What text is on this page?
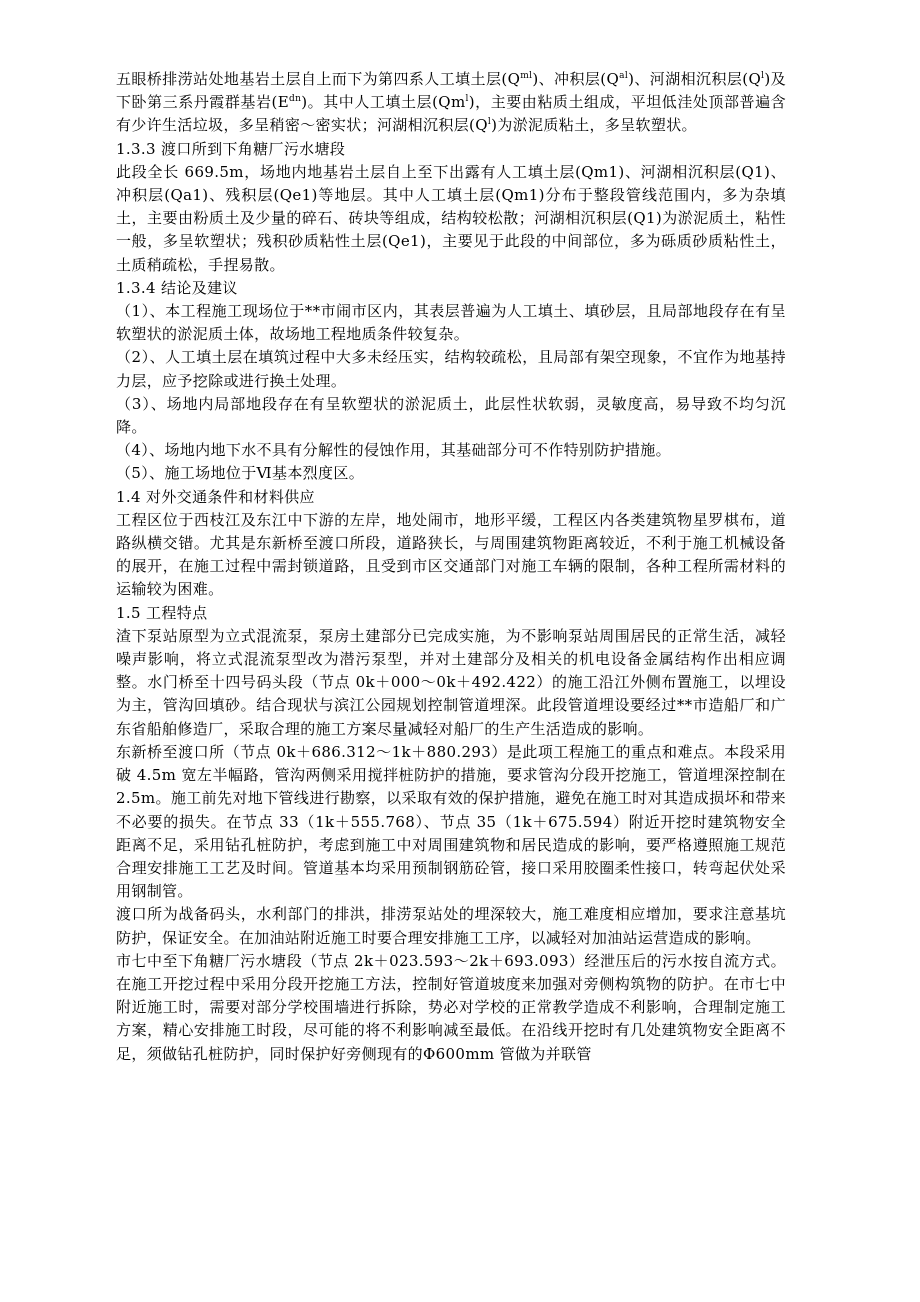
五眼桥排涝站处地基岩土层自上而下为第四系人工填土层$(Q^{ml})$、冲积层$(Q^{al})$、河湖相沉积层$(Q^l)$及下卧第三系丹霞群基岩$(E^{dn})$。其中人工填土层(Qm$^l$)，主要由粘质土组成，平坦低洼处顶部普遍含有少许生活垃圾，多呈稍密～密实状；河湖相沉积层$(Q^l)$为淤泥质粘土，多呈软塑状。

1.3.3 渡口所到下角糖厂污水塘段

此段全长 669.5m，场地内地基岩土层自上至下出露有人工填土层(Qm1)、河湖相沉积层(Q1)、冲积层(Qa1)、残积层(Qe1)等地层。其中人工填土层(Qm1)分布于整段管线范围内，多为杂填土，主要由粉质土及少量的碎石、砖块等组成，结构较松散；河湖相沉积层(Q1)为淤泥质土，粘性一般，多呈软塑状；残积砂质粘性土层(Qe1)，主要见于此段的中间部位，多为砾质砂质粘性土，土质稍疏松，手捏易散。

1.3.4 结论及建议

（1）、本工程施工现场位于**市闹市区内，其表层普遍为人工填土、填砂层，且局部地段存在有呈软塑状的淤泥质土体，故场地工程地质条件较复杂。

（2）、人工填土层在填筑过程中大多未经压实，结构较疏松，且局部有架空现象，不宜作为地基持力层，应予挖除或进行换土处理。

（3）、场地内局部地段存在有呈软塑状的淤泥质土，此层性状软弱，灵敏度高，易导致不均匀沉降。

（4）、场地内地下水不具有分解性的侵蚀作用，其基础部分可不作特别防护措施。

（5）、施工场地位于Ⅵ基本烈度区。

1.4 对外交通条件和材料供应

工程区位于西枝江及东江中下游的左岸，地处闹市，地形平缓，工程区内各类建筑物星罗棋布，道路纵横交错。尤其是东新桥至渡口所段，道路狭长，与周围建筑物距离较近，不利于施工机械设备的展开，在施工过程中需封锁道路，且受到市区交通部门对施工车辆的限制，各种工程所需材料的运输较为困难。

1.5 工程特点

渣下泵站原型为立式混流泵，泵房土建部分已完成实施，为不影响泵站周围居民的正常生活，减轻噪声影响，将立式混流泵型改为潜污泵型，并对土建部分及相关的机电设备金属结构作出相应调整。水门桥至十四号码头段（节点 0k＋000～0k＋492.422）的施工沿江外侧布置施工，以埋设为主，管沟回填砂。结合现状与滨江公园规划控制管道埋深。此段管道埋设要经过**市造船厂和广东省船舶修造厂，采取合理的施工方案尽量减轻对船厂的生产生活造成的影响。

东新桥至渡口所（节点 0k＋686.312～1k＋880.293）是此项工程施工的重点和难点。本段采用破 4.5m 宽左半幅路，管沟两侧采用搅拌桩防护的措施，要求管沟分段开挖施工，管道埋深控制在 2.5m。施工前先对地下管线进行勘察，以采取有效的保护措施，避免在施工时对其造成损坏和带来不必要的损失。在节点 33（1k＋555.768）、节点 35（1k＋675.594）附近开挖时建筑物安全距离不足，采用钻孔桩防护，考虑到施工中对周围建筑物和居民造成的影响，要严格遵照施工规范合理安排施工工艺及时间。管道基本均采用预制钢筋砼管，接口采用胶圈柔性接口，转弯起伏处采用钢制管。

渡口所为战备码头，水利部门的排洪，排涝泵站处的埋深较大，施工难度相应增加，要求注意基坑防护，保证安全。在加油站附近施工时要合理安排施工工序，以减轻对加油站运营造成的影响。

市七中至下角糖厂污水塘段（节点 2k＋023.593～2k＋693.093）经泄压后的污水按自流方式。在施工开挖过程中采用分段开挖施工方法，控制好管道坡度来加强对旁侧构筑物的防护。在市七中附近施工时，需要对部分学校围墙进行拆除，势必对学校的正常教学造成不利影响，合理制定施工方案，精心安排施工时段，尽可能的将不利影响减至最低。在沿线开挖时有几处建筑物安全距离不足，须做钻孔桩防护，同时保护好旁侧现有的Φ600mm 管做为并联管
